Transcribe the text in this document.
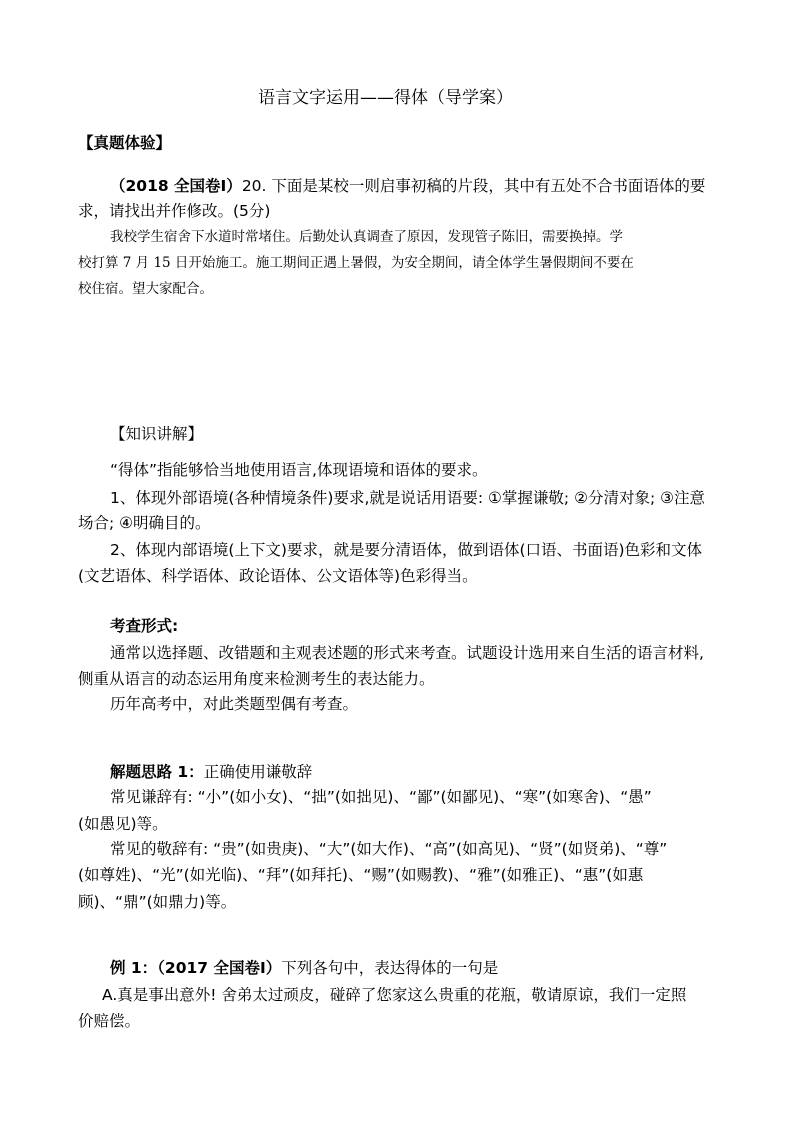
语言文字运用——得体（导学案）
【真题体验】
（2018 全国卷Ⅰ）20. 下面是某校一则启事初稿的片段，其中有五处不合书面语体的要
求，请找出并作修改。(5分)
我校学生宿舍下水道时常堵住。后勤处认真调查了原因，发现管子陈旧，需要换掉。学
校打算 7 月 15 日开始施工。施工期间正遇上暑假，为安全期间，请全体学生暑假期间不要在
校住宿。望大家配合。
【知识讲解】
“得体”指能够恰当地使用语言,体现语境和语体的要求。
1、体现外部语境(各种情境条件)要求,就是说话用语要: ①掌握谦敬; ②分清对象; ③注意
场合; ④明确目的。
2、体现内部语境(上下文)要求，就是要分清语体，做到语体(口语、书面语)色彩和文体
(文艺语体、科学语体、政论语体、公文语体等)色彩得当。
考查形式:
通常以选择题、改错题和主观表述题的形式来考查。试题设计选用来自生活的语言材料,
侧重从语言的动态运用角度来检测考生的表达能力。
历年高考中，对此类题型偶有考查。
解题思路 1：正确使用谦敬辞
常见谦辞有: “小”(如小女)、“拙”(如拙见)、“鄙”(如鄙见)、“寒”(如寒舍)、“愚”
(如愚见)等。
常见的敬辞有: “贵”(如贵庚)、“大”(如大作)、“高”(如高见)、“贤”(如贤弟)、“尊”
(如尊姓)、“光”(如光临)、“拜”(如拜托)、“赐”(如赐教)、“雅”(如雅正)、“惠”(如惠
顾)、“鼎”(如鼎力)等。
例 1：（2017 全国卷Ⅰ）下列各句中，表达得体的一句是
A.真是事出意外! 舍弟太过顽皮，碰碎了您家这么贵重的花瓶，敬请原谅，我们一定照
价赔偿。
